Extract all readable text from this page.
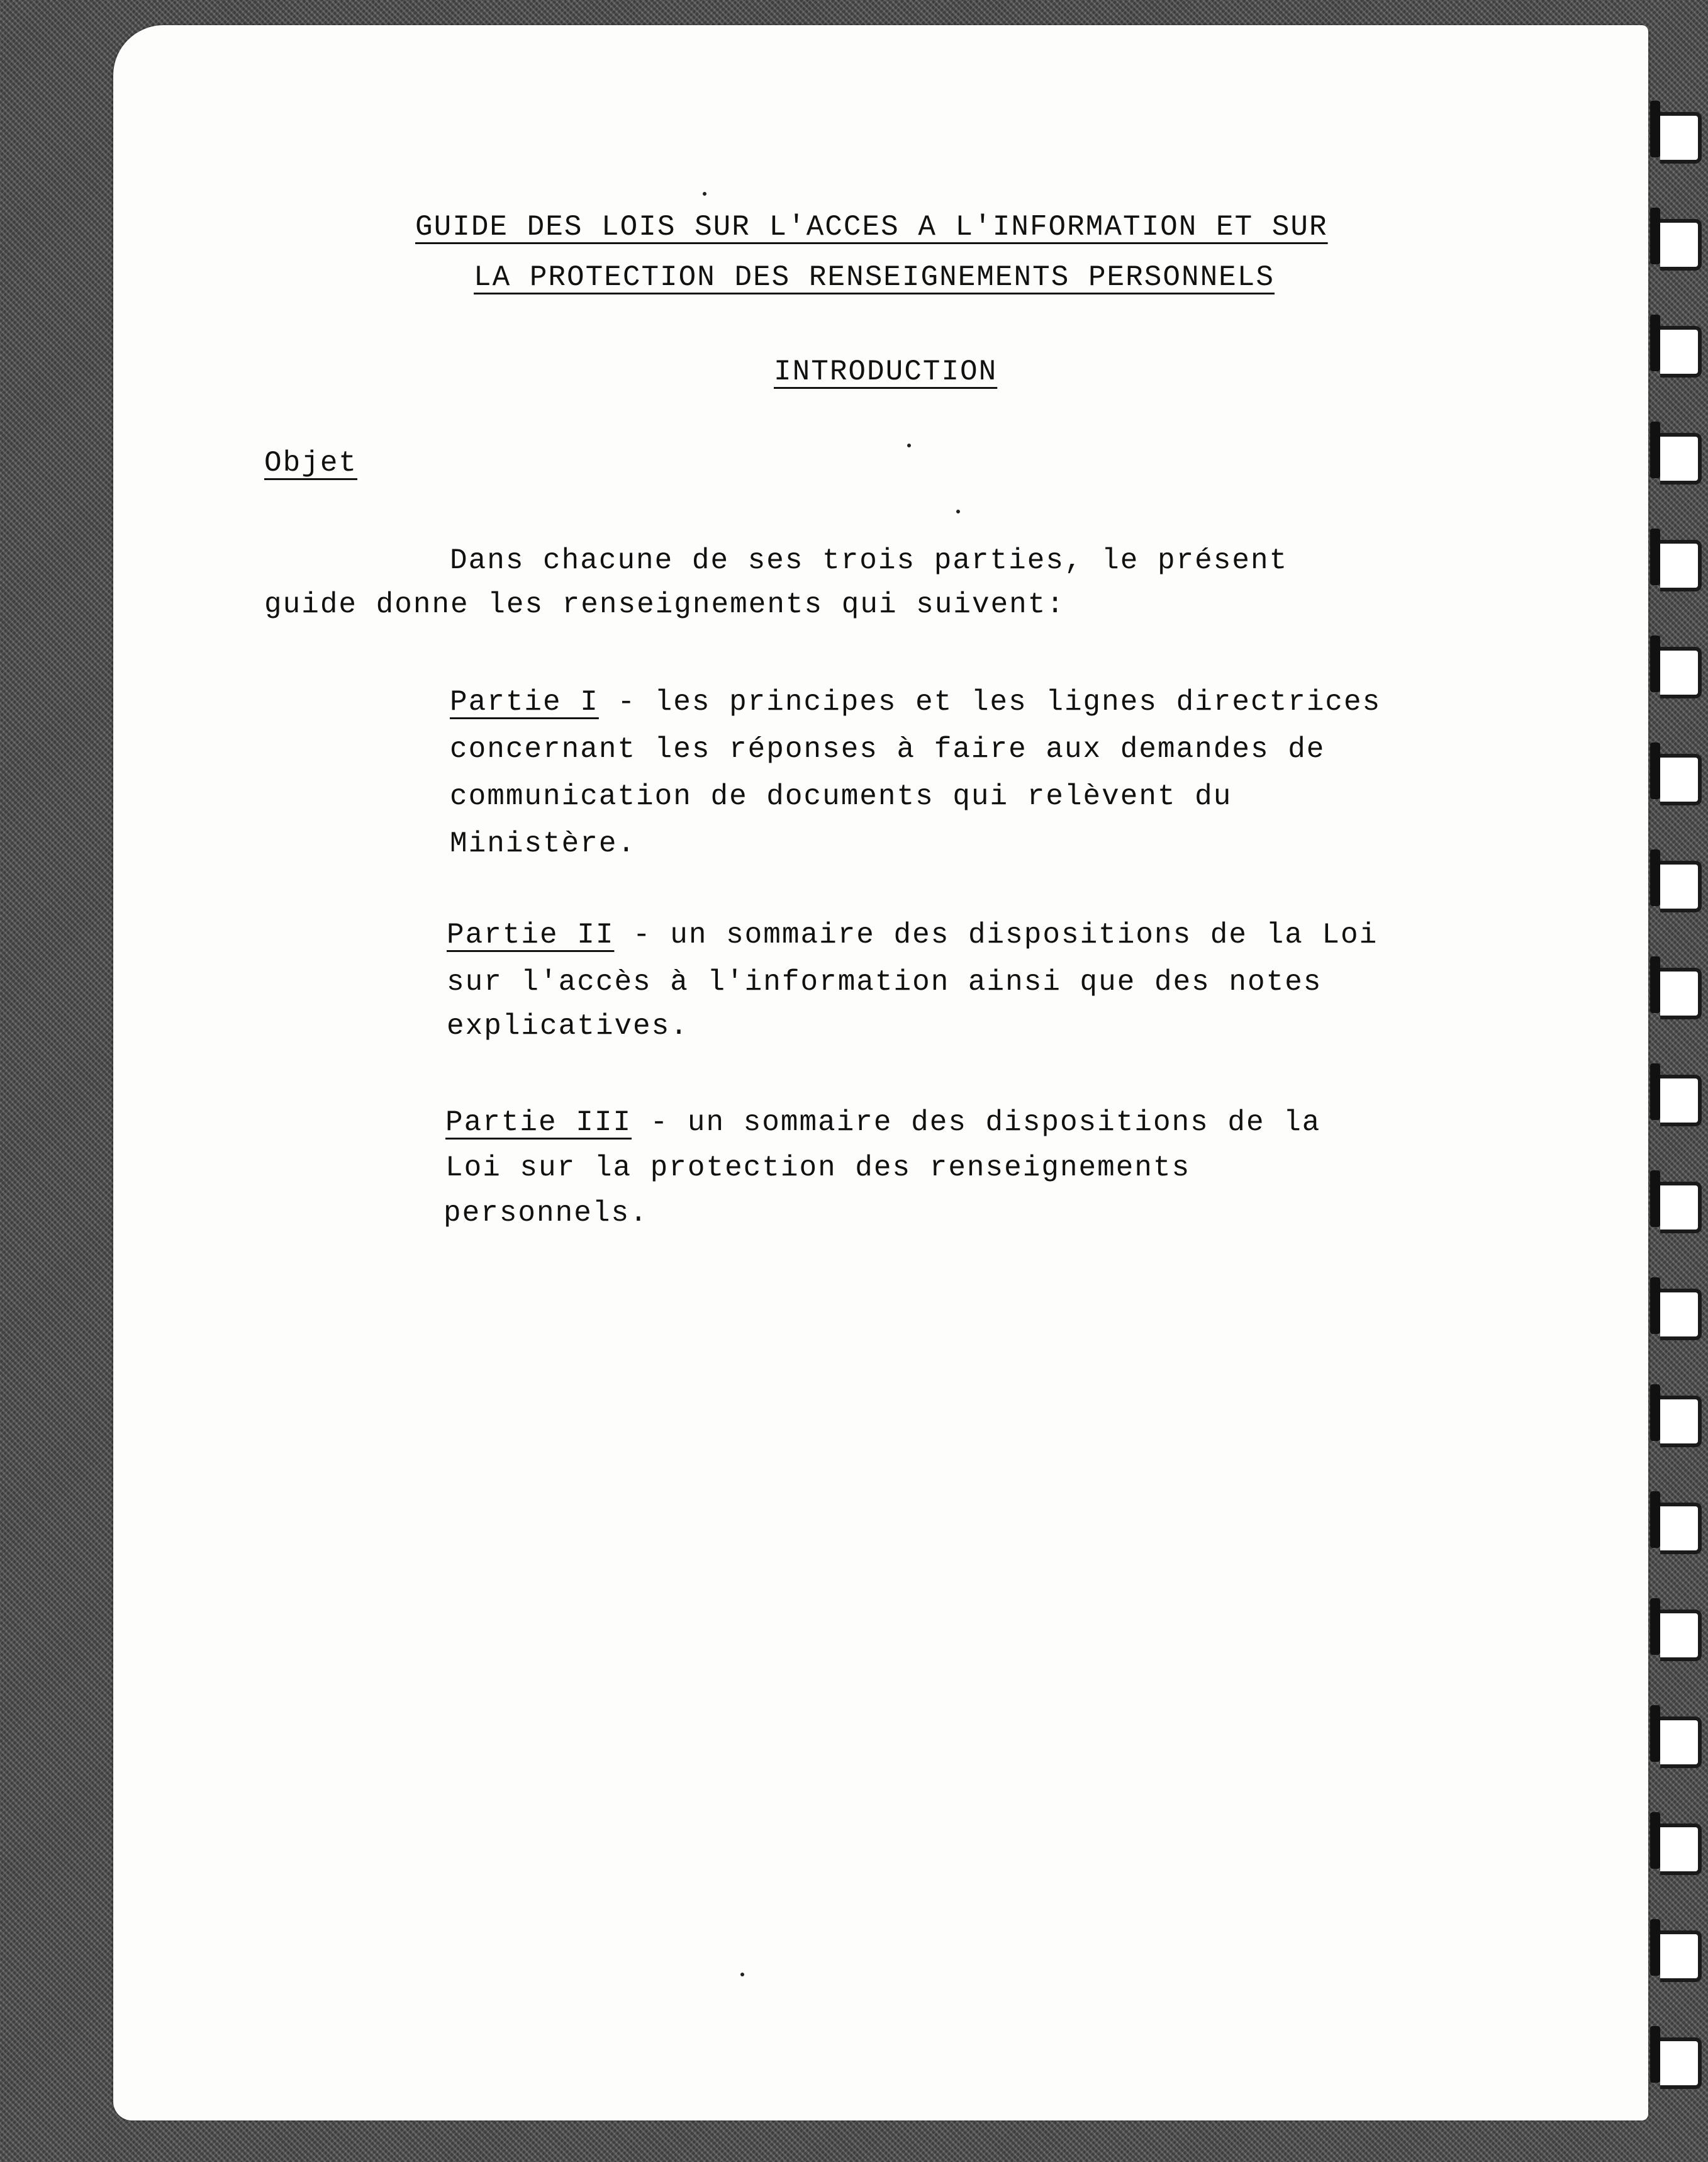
GUIDE DES LOIS SUR L'ACCES A L'INFORMATION ET SUR
LA PROTECTION DES RENSEIGNEMENTS PERSONNELS
INTRODUCTION
Objet
Dans chacune de ses trois parties, le présent
guide donne les renseignements qui suivent:
Partie I - les principes et les lignes directrices
concernant les réponses à faire aux demandes de
communication de documents qui relèvent du
Ministère.
Partie II - un sommaire des dispositions de la Loi
sur l'accès à l'information ainsi que des notes
explicatives.
Partie III - un sommaire des dispositions de la
Loi sur la protection des renseignements
personnels.
